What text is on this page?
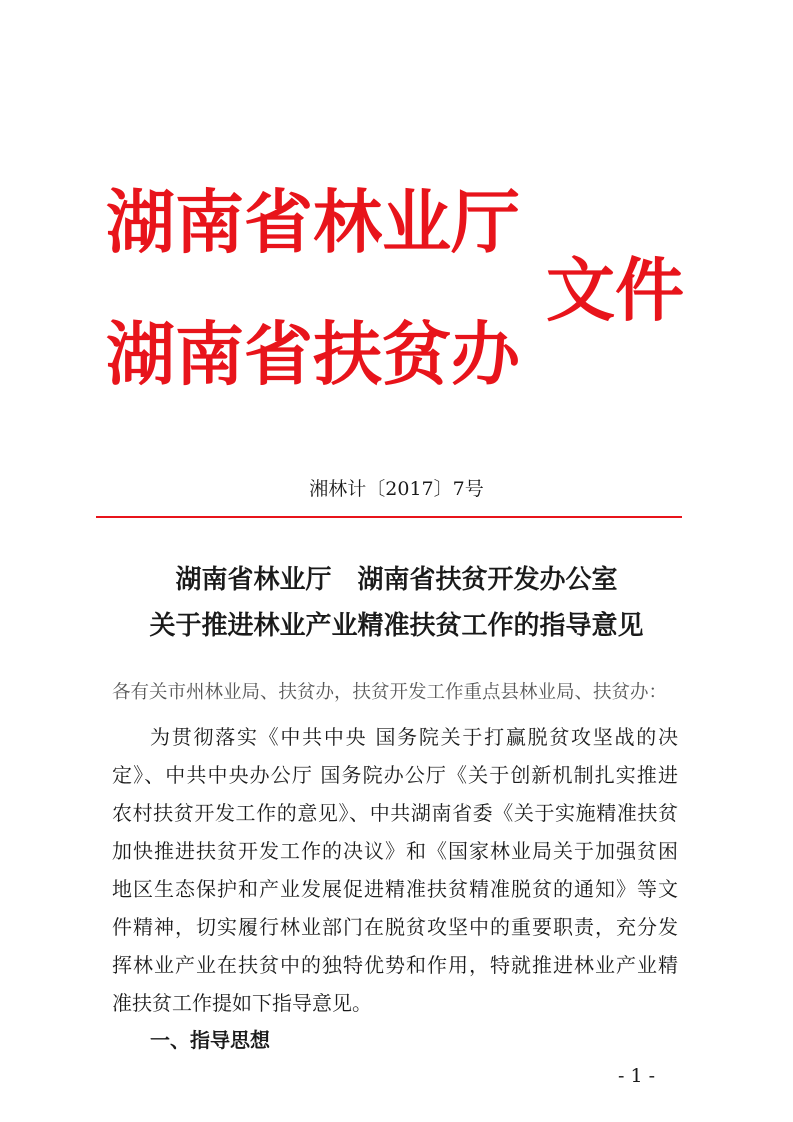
湖南省林业厅
湖南省扶贫办
文件
湘林计〔2017〕7号
湖南省林业厅　湖南省扶贫开发办公室
关于推进林业产业精准扶贫工作的指导意见
各有关市州林业局、扶贫办，扶贫开发工作重点县林业局、扶贫办：
为贯彻落实《中共中央 国务院关于打赢脱贫攻坚战的决
定》、中共中央办公厅 国务院办公厅《关于创新机制扎实推进
农村扶贫开发工作的意见》、中共湖南省委《关于实施精准扶贫
加快推进扶贫开发工作的决议》和《国家林业局关于加强贫困
地区生态保护和产业发展促进精准扶贫精准脱贫的通知》等文
件精神，切实履行林业部门在脱贫攻坚中的重要职责，充分发
挥林业产业在扶贫中的独特优势和作用，特就推进林业产业精
准扶贫工作提如下指导意见。
一、指导思想
- 1 -
